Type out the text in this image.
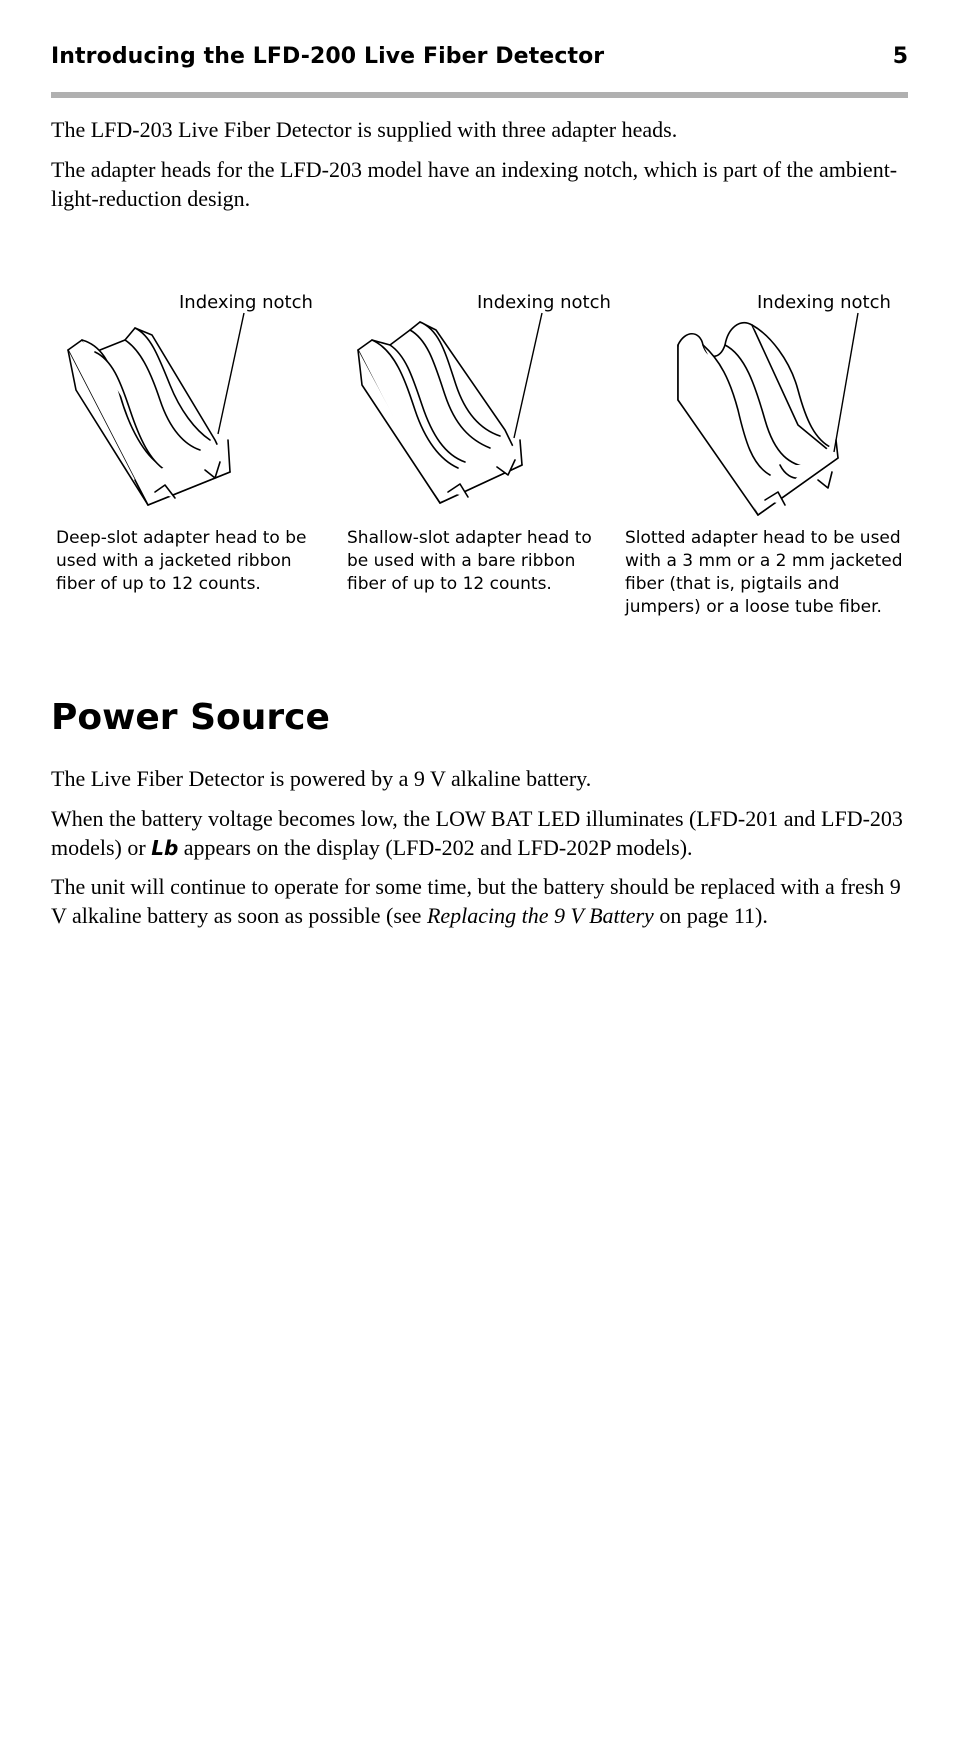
Introducing the LFD-200 Live Fiber Detector	5

The LFD-203 Live Fiber Detector is supplied with three adapter heads.

The adapter heads for the LFD-203 model have an indexing notch, which is part of the ambient-light-reduction design.

Indexing notch	Indexing notch	Indexing notch

Deep-slot adapter head to be used with a jacketed ribbon fiber of up to 12 counts.

Shallow-slot adapter head to be used with a bare ribbon fiber of up to 12 counts.

Slotted adapter head to be used with a 3 mm or a 2 mm jacketed fiber (that is, pigtails and jumpers) or a loose tube fiber.

Power Source

The Live Fiber Detector is powered by a 9 V alkaline battery.

When the battery voltage becomes low, the LOW BAT LED illuminates (LFD-201 and LFD-203 models) or Lb appears on the display (LFD-202 and LFD-202P models).

The unit will continue to operate for some time, but the battery should be replaced with a fresh 9 V alkaline battery as soon as possible (see Replacing the 9 V Battery on page 11).
